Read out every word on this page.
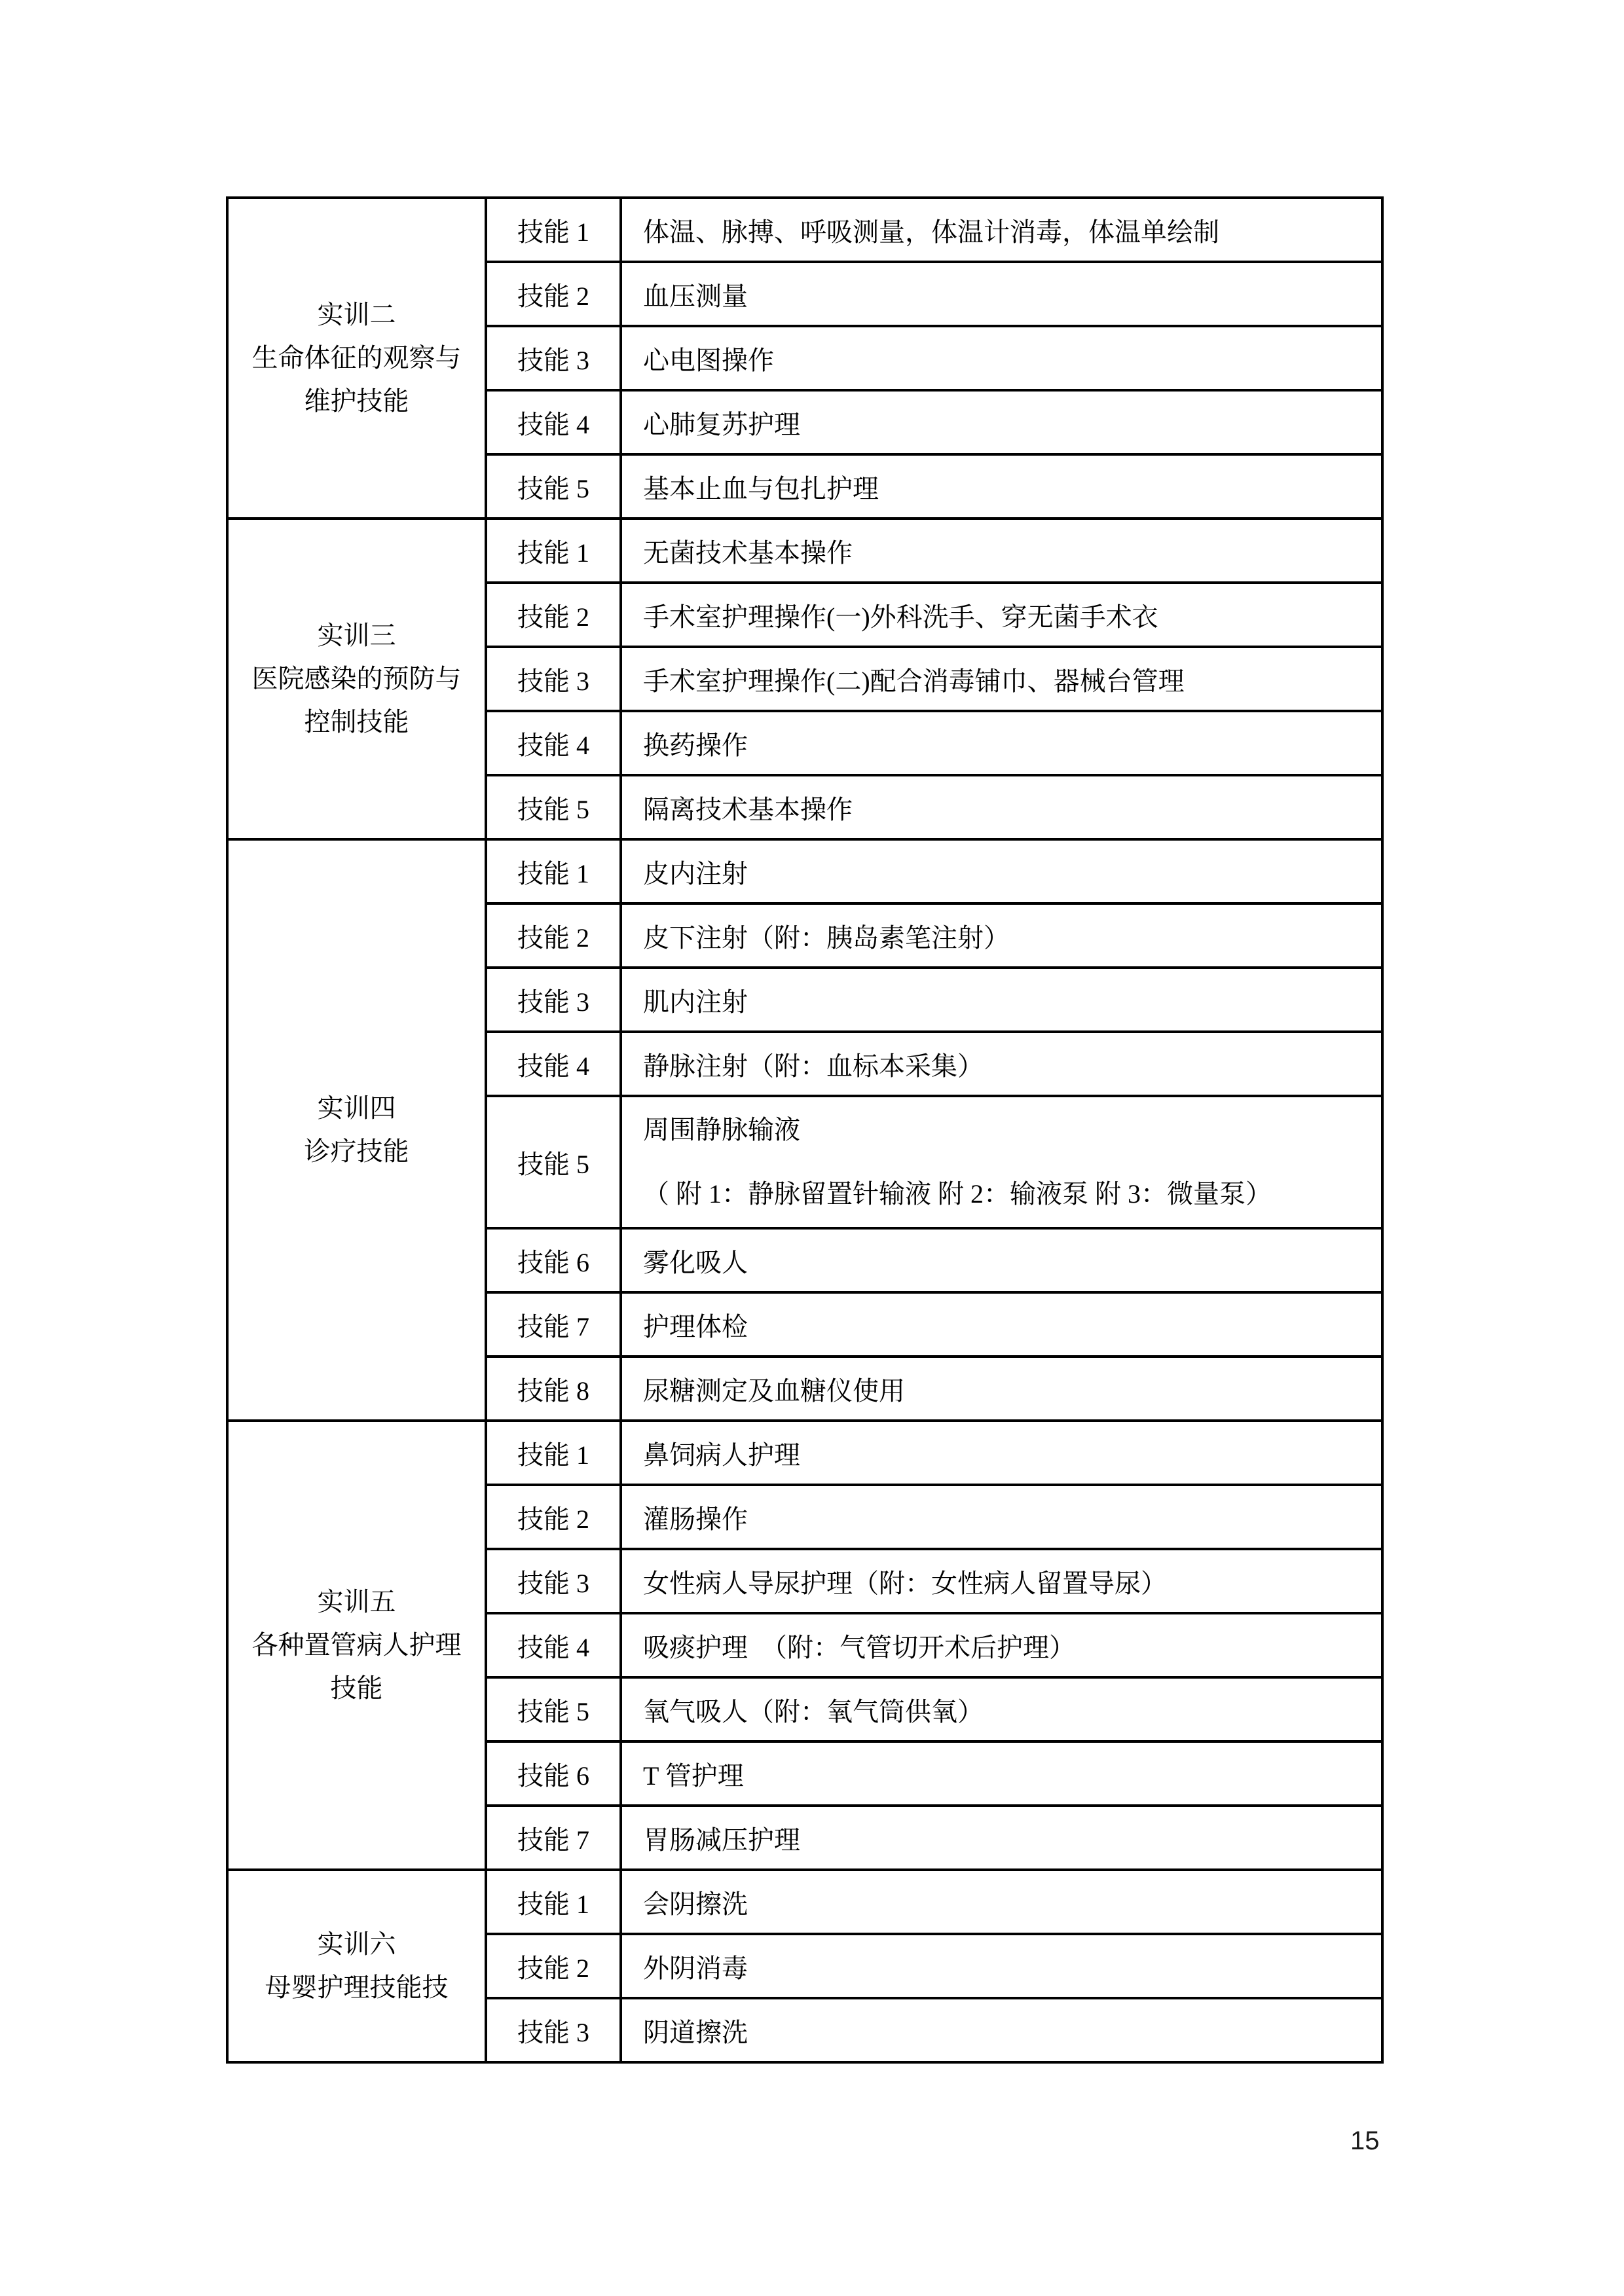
实训二
生命体征的观察与
维护技能	技能 1	体温、脉搏、呼吸测量，体温计消毒，体温单绘制
	技能 2	血压测量
	技能 3	心电图操作
	技能 4	心肺复苏护理
	技能 5	基本止血与包扎护理

实训三
医院感染的预防与
控制技能	技能 1	无菌技术基本操作
	技能 2	手术室护理操作(一)外科洗手、穿无菌手术衣
	技能 3	手术室护理操作(二)配合消毒铺巾、器械台管理
	技能 4	换药操作
	技能 5	隔离技术基本操作

实训四
诊疗技能	技能 1	皮内注射
	技能 2	皮下注射（附：胰岛素笔注射）
	技能 3	肌内注射
	技能 4	静脉注射（附：血标本采集）
	技能 5	周围静脉输液
（ 附 1：静脉留置针输液 附 2：输液泵 附 3：微量泵）

	技能 6	雾化吸人
	技能 7	护理体检
	技能 8	尿糖测定及血糖仪使用

实训五
各种置管病人护理
技能	技能 1	鼻饲病人护理
	技能 2	灌肠操作
	技能 3	女性病人导尿护理（附：女性病人留置导尿）
	技能 4	吸痰护理　（附：气管切开术后护理）
	技能 5	氧气吸人（附：氧气筒供氧）
	技能 6	T 管护理
	技能 7	胃肠减压护理

实训六
母婴护理技能技	技能 1	会阴擦洗
	技能 2	外阴消毒
	技能 3	阴道擦洗
15
